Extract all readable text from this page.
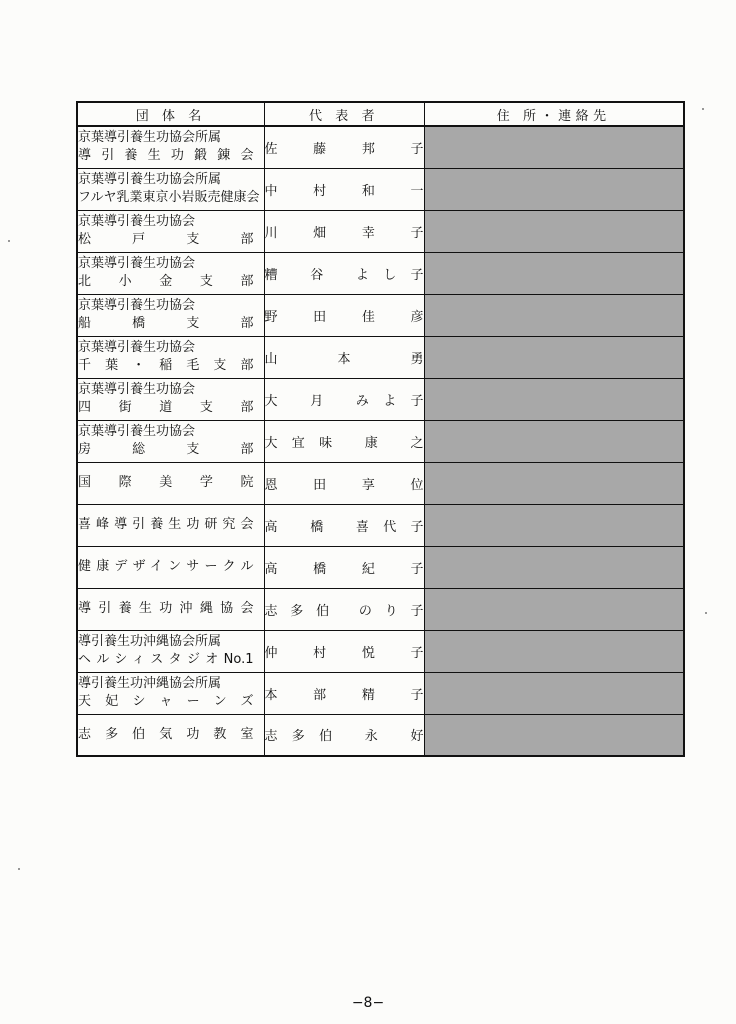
団 体 名	代 表 者	住 所・連絡先

京葉導引養生功協会所属
導引養生功鍛錬会	佐 藤 邦 子	

京葉導引養生功協会所属
フルヤ乳業東京小岩販売健康会	中 村 和 一	

京葉導引養生功協会
松戸支部	川 畑 幸 子	

京葉導引養生功協会
北小金支部	糟 谷 よし子	

京葉導引養生功協会
船橋支部	野 田 佳 彦	

京葉導引養生功協会
千葉・稲毛支部	山 本 勇	

京葉導引養生功協会
四街道支部	大 月 みよ子	

京葉導引養生功協会
房総支部	大宜味 康 之	

国際美学院	恩 田 享 位	

喜峰導引養生功研究会	高 橋 喜代子	

健康デザインサークル	高 橋 紀 子	

導引養生功沖縄協会	志多伯 のり子	

導引養生功沖縄協会所属
ヘルシィスタジオNo.1	仲 村 悦 子	

導引養生功沖縄協会所属
天妃シャーンズ	本 部 精 子	

志多伯気功教室	志多伯 永 好	
−8−
